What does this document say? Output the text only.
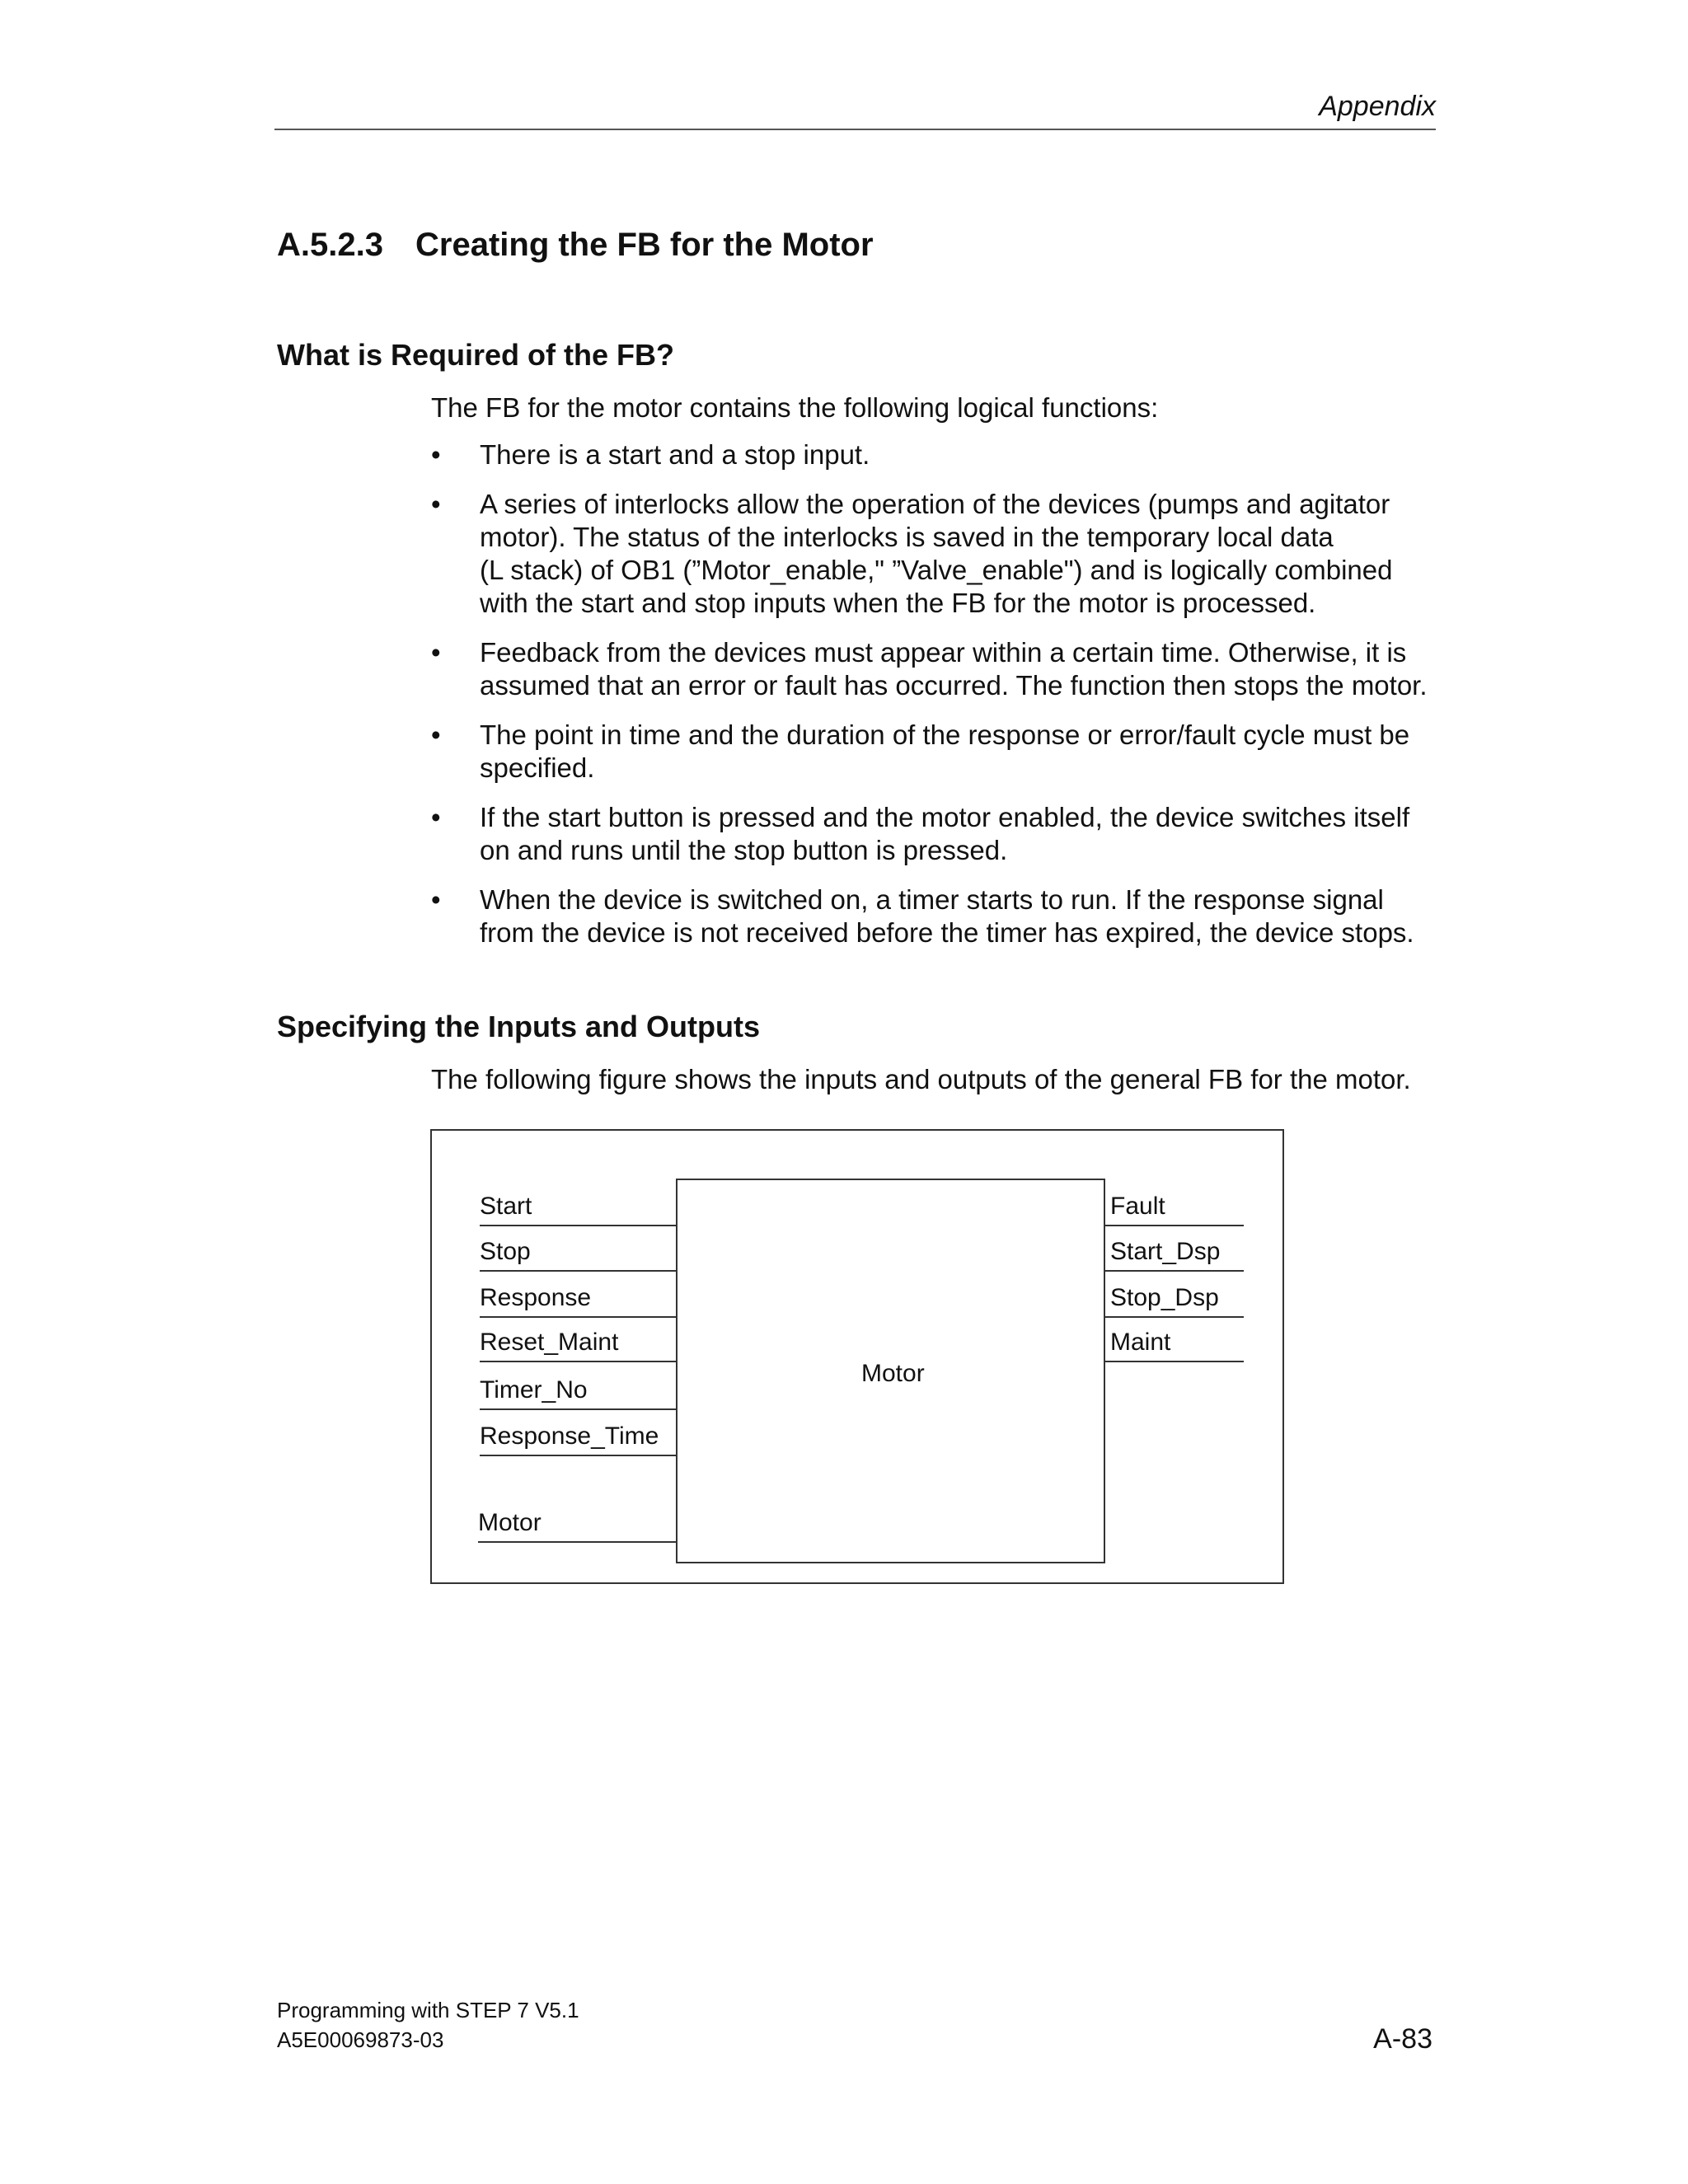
Appendix
A.5.2.3 Creating the FB for the Motor
What is Required of the FB?
The FB for the motor contains the following logical functions:
• There is a start and a stop input.
• A series of interlocks allow the operation of the devices (pumps and agitator
motor). The status of the interlocks is saved in the temporary local data
(L stack) of OB1 (”Motor_enable," ”Valve_enable") and is logically combined
with the start and stop inputs when the FB for the motor is processed.
• Feedback from the devices must appear within a certain time. Otherwise, it is
assumed that an error or fault has occurred. The function then stops the motor.
• The point in time and the duration of the response or error/fault cycle must be
specified.
• If the start button is pressed and the motor enabled, the device switches itself
on and runs until the stop button is pressed.
• When the device is switched on, a timer starts to run. If the response signal
from the device is not received before the timer has expired, the device stops.
Specifying the Inputs and Outputs
The following figure shows the inputs and outputs of the general FB for the motor.
Motor
Start
Stop
Response
Reset_Maint
Timer_No
Response_Time
Motor
Fault
Start_Dsp
Stop_Dsp
Maint
Programming with STEP 7 V5.1
A5E00069873-03	A-83
